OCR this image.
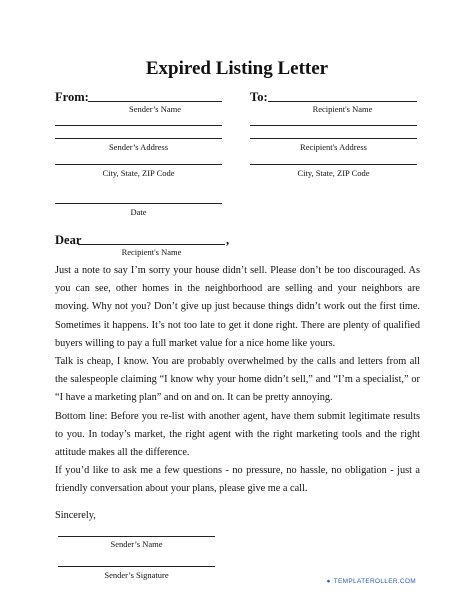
Expired Listing Letter
From:
Sender’s Name
To:
Recipient's Name
Sender’s Address	Recipient's Address
City, State, ZIP Code	City, State, ZIP Code
Date
Dear	,
Recipient's Name

Just a note to say I’m sorry your house didn’t sell. Please don’t be too discouraged. As you can see, other homes in the neighborhood are selling and your neighbors are moving. Why not you? Don’t give up just because things didn’t work out the first time. Sometimes it happens. It’s not too late to get it done right. There are plenty of qualified buyers willing to pay a full market value for a nice home like yours.

Talk is cheap, I know. You are probably overwhelmed by the calls and letters from all the salespeople claiming “I know why your home didn’t sell,” and “I’m a specialist,” or “I have a marketing plan” and on and on. It can be pretty annoying.

Bottom line: Before you re-list with another agent, have them submit legitimate results to you. In today’s market, the right agent with the right marketing tools and the right attitude makes all the difference.

If you’d like to ask me a few questions - no pressure, no hassle, no obligation - just a friendly conversation about your plans, please give me a call.

Sincerely,
Sender’s Name
Sender’s Signature
● TEMPLATEROLLER.COM
